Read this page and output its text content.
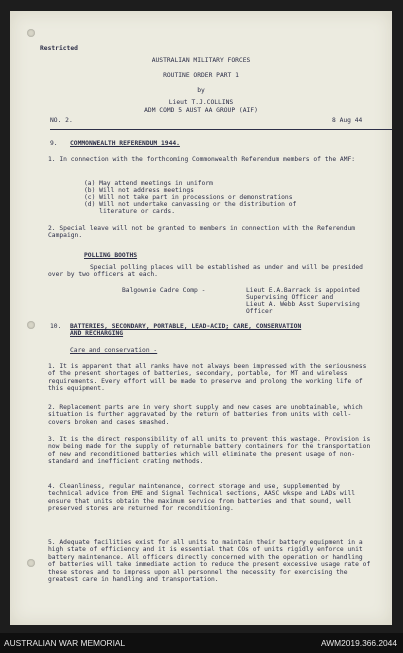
Restricted
AUSTRALIAN MILITARY FORCES
ROUTINE ORDER PART 1
by
Lieut T.J.COLLINS
ADM COMD 5 AUST AA GROUP (AIF)
NO. 2.	8 Aug 44
9. COMMONWEALTH REFERENDUM 1944.
1. In connection with the forthcoming Commonwealth Referendum members of the AMF:
(a) May attend meetings in uniform
(b) Will not address meetings
(c) Will not take part in processions or demonstrations
(d) Will not undertake canvassing or the distribution of
literature or cards.
2. Special leave will not be granted to members in connection with the Referendum Campaign.
POLLING BOOTHS
Special polling places will be established as under and will be presided over by two officers at each.
Balgownie Cadre Comp -	Lieut E.A.Barrack is appointed
Supervising Officer and
Lieut A. Webb Asst Supervising
Officer
10. BATTERIES, SECONDARY, PORTABLE, LEAD-ACID; CARE, CONSERVATION
AND RECHARGING
Care and conservation -
1. It is apparent that all ranks have not always been impressed with the seriousness of the present shortages of batteries, secondary, portable, for MT and wireless requirements. Every effort will be made to preserve and prolong the working life of this equipment.
2. Replacement parts are in very short supply and new cases are unobtainable, which situation is further aggravated by the return of batteries from units with cell-covers broken and cases smashed.
3. It is the direct responsibility of all units to prevent this wastage. Provision is now being made for the supply of returnable battery containers for the transportation of new and reconditioned batteries which will eliminate the present usage of non-standard and inefficient crating methods.
4. Cleanliness, regular maintenance, correct storage and use, supplemented by technical advice from EME and Signal Technical sections, AASC wkspe and LADs will ensure that units obtain the maximum service from batteries and that sound, well preserved stores are returned for reconditioning.
5. Adequate facilities exist for all units to maintain their battery equipment in a high state of efficiency and it is essential that COs of units rigidly enforce unit battery maintenance. All officers directly concerned with the operation or handling of batteries will take immediate action to reduce the present excessive usage rate of these stores and to impress upon all personnel the necessity for exercising the greatest care in handling and transportation.
AUSTRALIAN WAR MEMORIAL	AWM2019.366.2044
